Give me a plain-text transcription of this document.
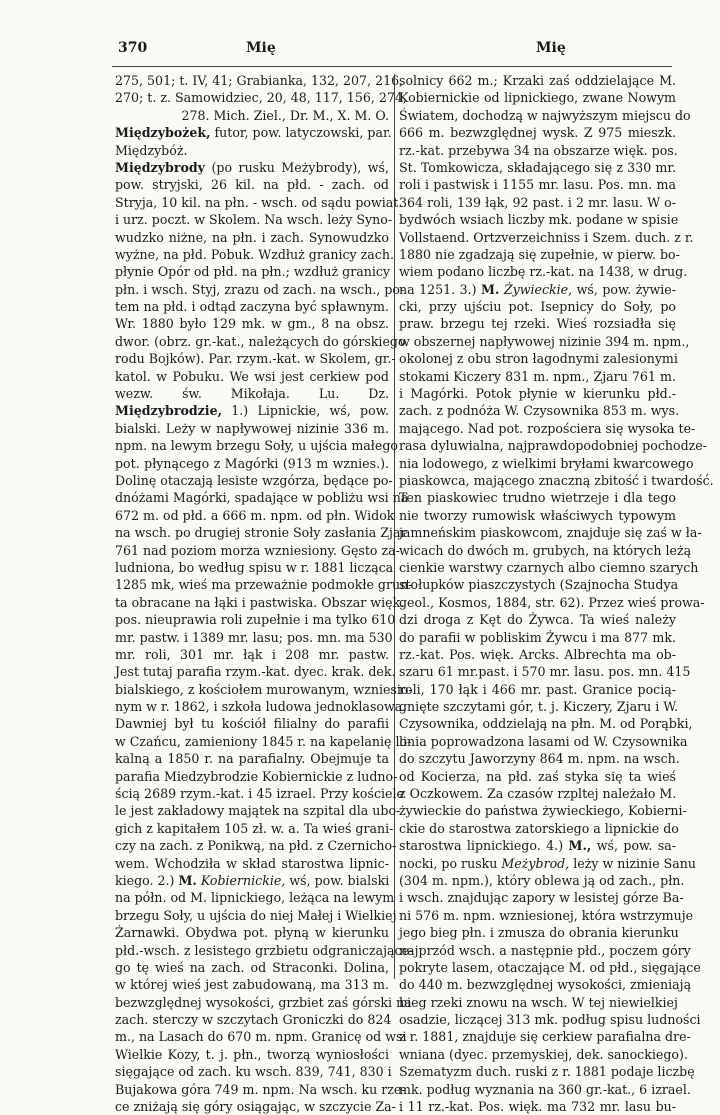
370	Mię	Mię
275, 501; t. IV, 41; Grabianka, 132, 207, 216,
270; t. z. Samowidziec, 20, 48, 117, 156, 274,
278. Mich. Ziel., Dr. M., X. M. O.
Międzybożek, futor, pow. latyczowski, par.
Międzybóż.
Międzybrody (po rusku Meżybrody), wś,
pow. stryjski, 26 kil. na płd. - zach. od
Stryja, 10 kil. na płn. - wsch. od sądu powiat.
i urz. poczt. w Skolem. Na wsch. leży Syno-
wudzko niżne, na płn. i zach. Synowudzko
wyżne, na płd. Pobuk. Wzdłuż granicy zach.
płynie Opór od płd. na płn.; wzdłuż granicy
płn. i wsch. Styj, zrazu od zach. na wsch., po-
tem na płd. i odtąd zaczyna być spławnym.
Wr. 1880 było 129 mk. w gm., 8 na obsz.
dwor. (obrz. gr.-kat., należących do górskiego
rodu Bojków). Par. rzym.-kat. w Skolem, gr.-
katol. w Pobuku. We wsi jest cerkiew pod
wezw. św. Mikołaja. Lu. Dz.
Międzybrodzie, 1.) Lipnickie, wś, pow.
bialski. Leży w napływowej nizinie 336 m.
npm. na lewym brzegu Soły, u ujścia małego
pot. płynącego z Magórki (913 m wznies.).
Dolinę otaczają lesiste wzgórza, będące po-
dnóżami Magórki, spadające w pobliżu wsi na
672 m. od płd. a 666 m. npm. od płn. Widok
na wsch. po drugiej stronie Soły zasłania Zjar
761 nad poziom morza wzniesiony. Gęsto za-
ludniona, bo według spisu w r. 1881 licząca
1285 mk, wieś ma przeważnie podmokłe grun-
ta obracane na łąki i pastwiska. Obszar więk.
pos. nieuprawia roli zupełnie i ma tylko 610
mr. pastw. i 1389 mr. lasu; pos. mn. ma 530
mr. roli, 301 mr. łąk i 208 mr. pastw.
Jest tutaj parafia rzym.-kat. dyec. krak. dek.
bialskiego, z kościołem murowanym, wzniesio-
nym w r. 1862, i szkoła ludowa jednoklasowa.
Dawniej był tu kościół filialny do parafii
w Czańcu, zamieniony 1845 r. na kapelanię lo-
kalną a 1850 r. na parafialny. Obejmuje ta
parafia Miedzybrodzie Kobiernickie z ludno-
ścią 2689 rzym.-kat. i 45 izrael. Przy kościele
le jest zakładowy majątek na szpital dla ubo-
gich z kapitałem 105 zł. w. a. Ta wieś grani-
czy na zach. z Ponikwą, na płd. z Czernicho-
wem. Wchodziła w skład starostwa lipnic-
kiego. 2.) M. Kobiernickie, wś, pow. bialski
na półn. od M. lipnickiego, leżąca na lewym
brzegu Soły, u ujścia do niej Małej i Wielkiej
Żarnawki. Obydwa pot. płyną w kierunku
płd.-wsch. z lesistego grzbietu odgraniczające-
go tę wieś na zach. od Straconki. Dolina,
w której wieś jest zabudowaną, ma 313 m.
bezwzględnej wysokości, grzbiet zaś górski na
zach. sterczy w szczytach Groniczki do 824
m., na Lasach do 670 m. npm. Granicę od wsi
Wielkie Kozy, t. j. płn., tworzą wyniosłości
sięgające od zach. ku wsch. 839, 741, 830 i
Bujakowa góra 749 m. npm. Na wsch. ku rze-
ce zniżają się góry osiągając, w szczycie Za-
solnicy 662 m.; Krzaki zaś oddzielające M.
Kobiernickie od lipnickiego, zwane Nowym
Światem, dochodzą w najwyższym miejscu do
666 m. bezwzględnej wysk. Z 975 mieszk.
rz.-kat. przebywa 34 na obszarze więk. pos.
St. Tomkowicza, składającego się z 330 mr.
roli i pastwisk i 1155 mr. lasu. Pos. mn. ma
364 roli, 139 łąk, 92 past. i 2 mr. lasu. W o-
bydwóch wsiach liczby mk. podane w spisie
Vollstaend. Ortzverzeichniss i Szem. duch. z r.
1880 nie zgadzają się zupełnie, w pierw. bo-
wiem podano liczbę rz.-kat. na 1438, w drug.
na 1251. 3.) M. Żywieckie, wś, pow. żywie-
cki, przy ujściu pot. Isepnicy do Soły, po
praw. brzegu tej rzeki. Wieś rozsiadła się
w obszernej napływowej nizinie 394 m. npm.,
okolonej z obu stron łagodnymi zalesionymi
stokami Kiczery 831 m. npm., Zjaru 761 m.
i Magórki. Potok płynie w kierunku płd.-
zach. z podnóża W. Czysownika 853 m. wys.
mającego. Nad pot. rozpościera się wysoka te-
rasa dyluwialna, najprawdopodobniej pochodze-
nia lodowego, z wielkimi bryłami kwarcowego
piaskowca, mającego znaczną zbitość i twardość.
Ten piaskowiec trudno wietrzeje i dla tego
nie tworzy rumowisk właściwych typowym
jamneńskim piaskowcom, znajduje się zaś w ła-
wicach do dwóch m. grubych, na których leżą
cienkie warstwy czarnych albo ciemno szarych
stołupków piaszczystych (Szajnocha Studya
geol., Kosmos, 1884, str. 62). Przez wieś prowa-
dzi droga z Kęt do Żywca. Ta wieś należy
do parafii w pobliskim Żywcu i ma 877 mk.
rz.-kat. Pos. więk. Arcks. Albrechta ma ob-
szaru 61 mr.past. i 570 mr. lasu. pos. mn. 415
roli, 170 łąk i 466 mr. past. Granice pocią-
gnięte szczytami gór, t. j. Kiczery, Zjaru i W.
Czysownika, oddzielają na płn. M. od Porąbki,
linia poprowadzona lasami od W. Czysownika
do szczytu Jaworzyny 864 m. npm. na wsch.
od Kocierza, na płd. zaś styka się ta wieś
z Oczkowem. Za czasów rzpltej należało M.
żywieckie do państwa żywieckiego, Kobierni-
ckie do starostwa zatorskiego a lipnickie do
starostwa lipnickiego. 4.) M., wś, pow. sa-
nocki, po rusku Meżybrod, leży w nizinie Sanu
(304 m. npm.), który oblewa ją od zach., płn.
i wsch. znajdując zapory w lesistej górze Ba-
ni 576 m. npm. wzniesionej, która wstrzymuje
jego bieg płn. i zmusza do obrania kierunku
najprzód wsch. a następnie płd., poczem góry
pokryte lasem, otaczające M. od płd., sięgające
do 440 m. bezwzględnej wysokości, zmieniają
bieg rzeki znowu na wsch. W tej niewielkiej
osadzie, liczącej 313 mk. podług spisu ludności
z r. 1881, znajduje się cerkiew parafialna dre-
wniana (dyec. przemyskiej, dek. sanockiego).
Szematyzm duch. ruski z r. 1881 podaje liczbę
mk. podług wyznania na 360 gr.-kat., 6 izrael.
i 11 rz.-kat. Pos. więk. ma 732 mr. lasu bu-
